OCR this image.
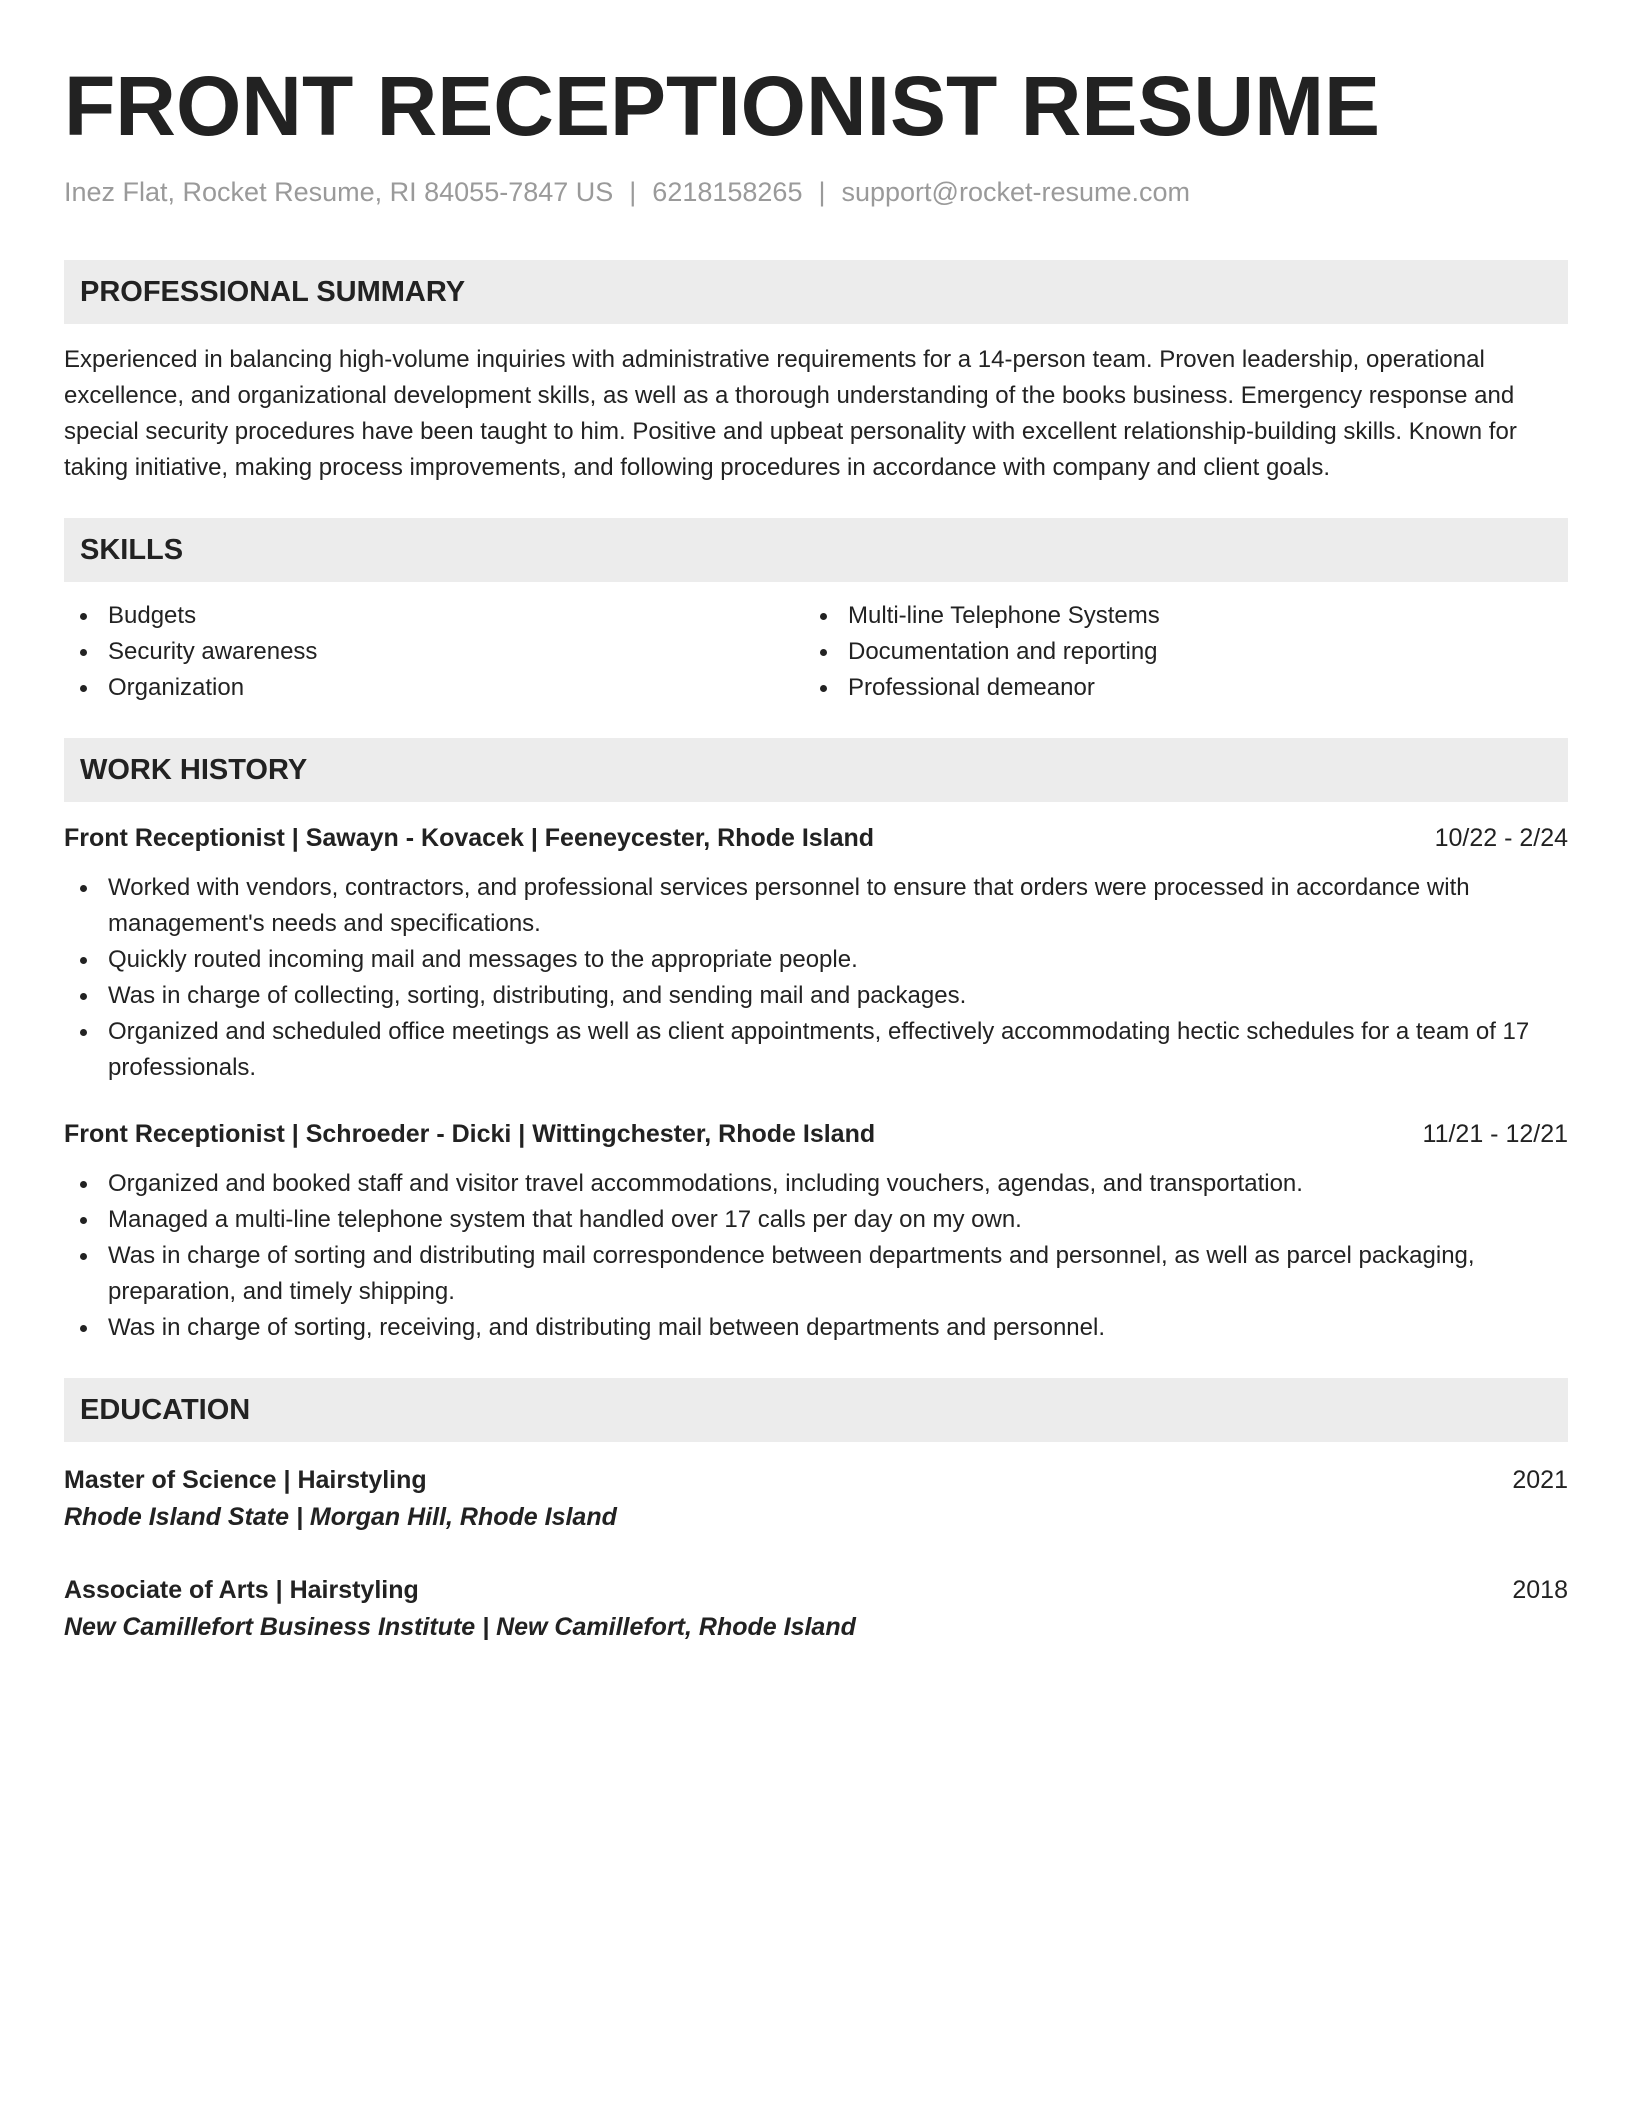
FRONT RECEPTIONIST RESUME
Inez Flat, Rocket Resume, RI 84055-7847 US | 6218158265 | support@rocket-resume.com
PROFESSIONAL SUMMARY

Experienced in balancing high-volume inquiries with administrative requirements for a 14-person team. Proven leadership, operational excellence, and organizational development skills, as well as a thorough understanding of the books business. Emergency response and special security procedures have been taught to him. Positive and upbeat personality with excellent relationship-building skills. Known for taking initiative, making process improvements, and following procedures in accordance with company and client goals.

SKILLS
Budgets
Security awareness
Organization
Multi-line Telephone Systems
Documentation and reporting
Professional demeanor
WORK HISTORY
Front Receptionist | Sawayn - Kovacek | Feeneycester, Rhode Island	10/22 - 2/24
Worked with vendors, contractors, and professional services personnel to ensure that orders were processed in accordance with management's needs and specifications.
Quickly routed incoming mail and messages to the appropriate people.
Was in charge of collecting, sorting, distributing, and sending mail and packages.
Organized and scheduled office meetings as well as client appointments, effectively accommodating hectic schedules for a team of 17 professionals.
Front Receptionist | Schroeder - Dicki | Wittingchester, Rhode Island	11/21 - 12/21
Organized and booked staff and visitor travel accommodations, including vouchers, agendas, and transportation.
Managed a multi-line telephone system that handled over 17 calls per day on my own.
Was in charge of sorting and distributing mail correspondence between departments and personnel, as well as parcel packaging, preparation, and timely shipping.
Was in charge of sorting, receiving, and distributing mail between departments and personnel.
EDUCATION
Master of Science | Hairstyling	2021
Rhode Island State | Morgan Hill, Rhode Island
Associate of Arts | Hairstyling	2018
New Camillefort Business Institute | New Camillefort, Rhode Island
